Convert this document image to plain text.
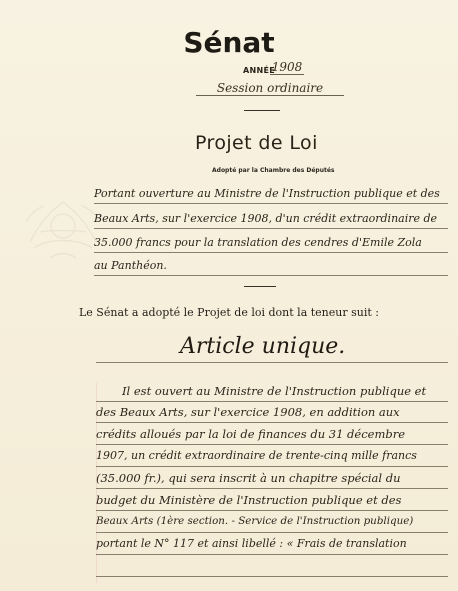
Sénat
ANNÉE
1908
Session ordinaire
Projet de Loi
Adopté par la Chambre des Députés
Portant ouverture au Ministre de l'Instruction publique et des
Beaux Arts, sur l'exercice 1908, d'un crédit extraordinaire de
35.000 francs pour la translation des cendres d'Emile Zola
au Panthéon.
Le Sénat a adopté le Projet de loi dont la teneur suit :
Article unique.
Il est ouvert au Ministre de l'Instruction publique et
des Beaux Arts, sur l'exercice 1908, en addition aux
crédits alloués par la loi de finances du 31 décembre
1907, un crédit extraordinaire de trente-cinq mille francs
(35.000 fr.), qui sera inscrit à un chapitre spécial du
budget du Ministère de l'Instruction publique et des
Beaux Arts (1ère section. - Service de l'Instruction publique)
portant le N° 117 et ainsi libellé : « Frais de translation
